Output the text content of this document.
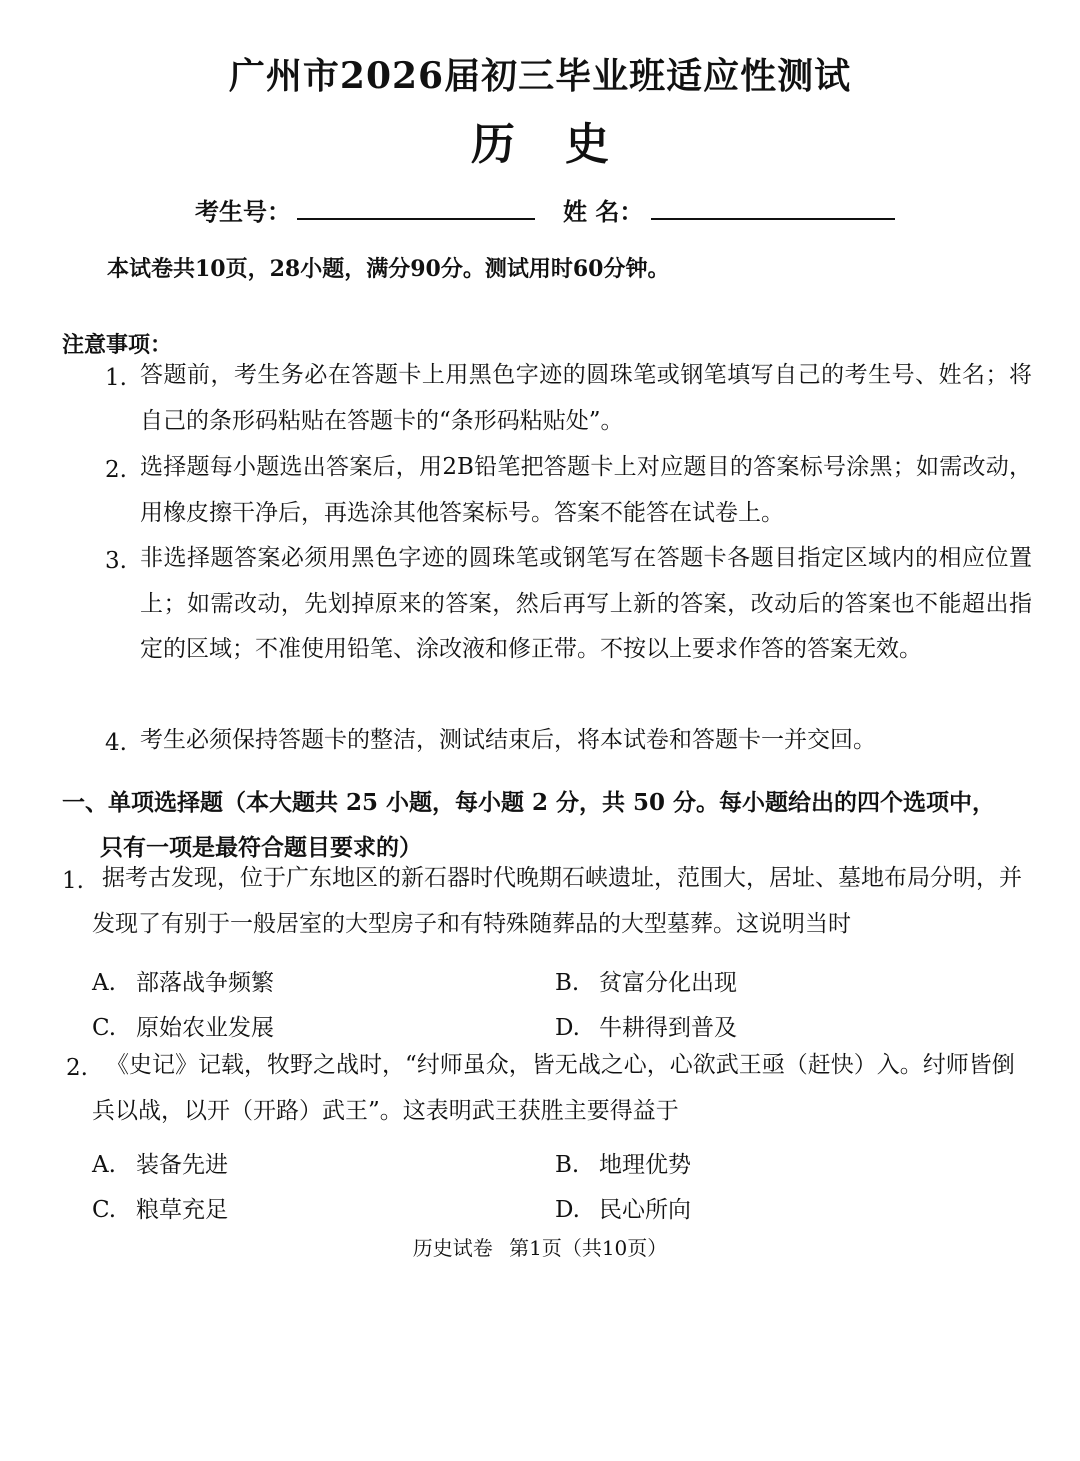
广州市2026届初三毕业班适应性测试
历史
考生号：	姓 名：
本试卷共10页，28小题，满分90分。测试用时60分钟。
注意事项：
1. 答题前，考生务必在答题卡上用黑色字迹的圆珠笔或钢笔填写自己的考生号、姓名；将自己的条形码粘贴在答题卡的“条形码粘贴处”。
2. 选择题每小题选出答案后，用2B铅笔把答题卡上对应题目的答案标号涂黑；如需改动，用橡皮擦干净后，再选涂其他答案标号。答案不能答在试卷上。
3. 非选择题答案必须用黑色字迹的圆珠笔或钢笔写在答题卡各题目指定区域内的相应位置上；如需改动，先划掉原来的答案，然后再写上新的答案，改动后的答案也不能超出指定的区域；不准使用铅笔、涂改液和修正带。不按以上要求作答的答案无效。
4. 考生必须保持答题卡的整洁，测试结束后，将本试卷和答题卡一并交回。
一、单项选择题（本大题共 25 小题，每小题 2 分，共 50 分。每小题给出的四个选项中，
只有一项是最符合题目要求的）
1. 据考古发现，位于广东地区的新石器时代晚期石峡遗址，范围大，居址、墓地布局分明，并发现了有别于一般居室的大型房子和有特殊随葬品的大型墓葬。这说明当时
A. 部落战争频繁	B. 贫富分化出现
C. 原始农业发展	D. 牛耕得到普及
2. 《史记》记载，牧野之战时，“纣师虽众，皆无战之心，心欲武王亟（赶快）入。纣师皆倒兵以战，以开（开路）武王”。这表明武王获胜主要得益于
A. 装备先进	B. 地理优势
C. 粮草充足	D. 民心所向
历史试卷 第1页（共10页）
